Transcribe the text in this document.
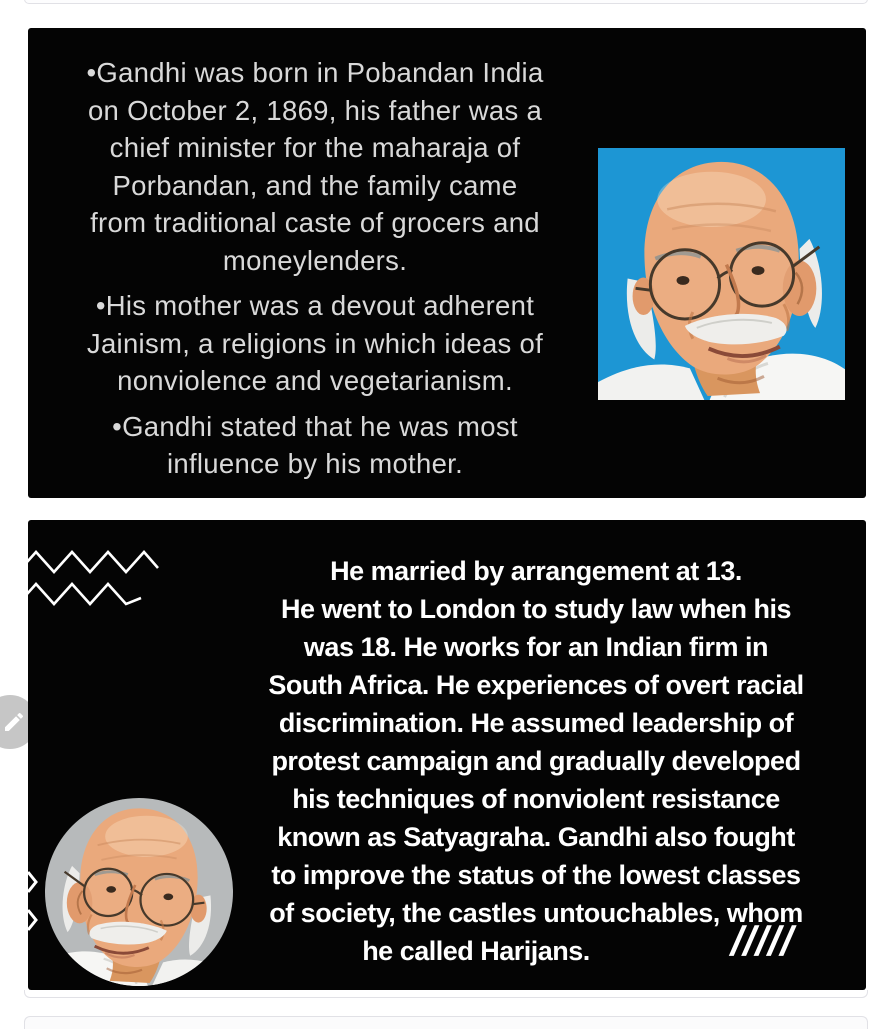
•Gandhi was born in Pobandan India
on October 2, 1869, his father was a
chief minister for the maharaja of
Porbandan, and the family came
from traditional caste of grocers and
moneylenders.
•His mother was a devout adherent
Jainism, a religions in which ideas of
nonviolence and vegetarianism.
•Gandhi stated that he was most
influence by his mother.
He married by arrangement at 13.
He went to London to study law when his
was 18. He works for an Indian firm in
South Africa. He experiences of overt racial
discrimination. He assumed leadership of
protest campaign and gradually developed
his techniques of nonviolent resistance
known as Satyagraha. Gandhi also fought
to improve the status of the lowest classes
of society, the castles untouchables, whom
he called Harijans.	/////
